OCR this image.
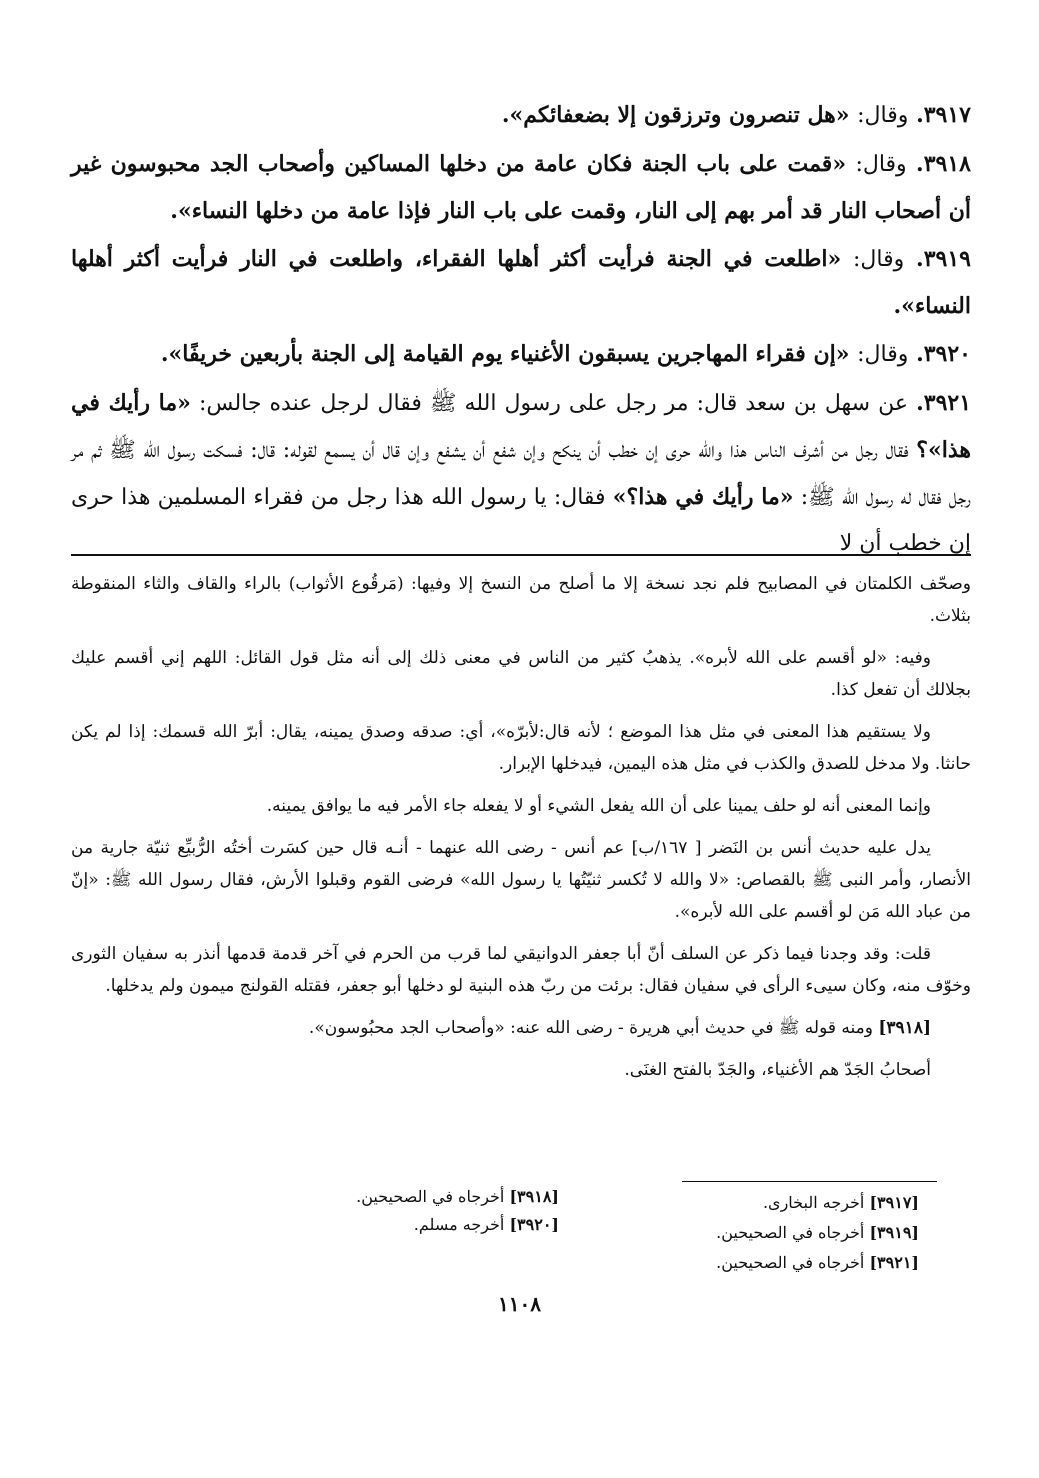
٣٩١٧. وقال: «هل تنصرون وترزقون إلا بضعفائكم».

٣٩١٨. وقال: «قمت على باب الجنة فكان عامة من دخلها المساكين وأصحاب الجد محبوسون غير أن أصحاب النار قد أمر بهم إلى النار، وقمت على باب النار فإذا عامة من دخلها النساء».

٣٩١٩. وقال: «اطلعت في الجنة فرأيت أكثر أهلها الفقراء، واطلعت في النار فرأيت أكثر أهلها النساء».

٣٩٢٠. وقال: «إن فقراء المهاجرين يسبقون الأغنياء يوم القيامة إلى الجنة بأربعين خريفًا».

٣٩٢١. عن سهل بن سعد قال: مر رجل على رسول الله ﷺ فقال لرجل عنده جالس: «ما رأيك في هذا»؟ فقال رجل من أشرف الناس هذا والله حرى إن خطب أن ينكح وإن شفع أن يشفع وإن قال أن يسمع لقوله: قال: فسكت رسول الله ﷺ ثم مر رجل فقال له رسول الله ﷺ: «ما رأيك في هذا؟» فقال: يا رسول الله هذا رجل من فقراء المسلمين هذا حرى إن خطب أن لا

وصحّف الكلمتان في المصابيح فلم نجد نسخة إلا ما أصلح من النسخ إلا وفيها: (مَرقُوع الأثواب) بالراء والقاف والثاء المنقوطة بثلاث.

وفيه: «لو أقسم على الله لأبره». يذهبُ كثير من الناس في معنى ذلك إلى أنه مثل قول القائل: اللهم إني أقسم عليك بجلالك أن تفعل كذا.

ولا يستقيم هذا المعنى في مثل هذا الموضع ؛ لأنه قال:لأبرّه»، أي: صدقه وصدق يمينه، يقال: أبرّ الله قسمك: إذا لم يكن حانثا. ولا مدخل للصدق والكذب في مثل هذه اليمين، فيدخلها الإبرار.

وإنما المعنى أنه لو حلف يمينا على أن الله يفعل الشيء أو لا يفعله جاء الأمر فيه ما يوافق يمينه.

يدل عليه حديث أنس بن النَضر [ ١٦٧/ب] عم أنس - رضى الله عنهما - أنـه قال حين كسَرت أختُه الرُّبيِّع ثنيّة جارية من الأنصار، وأمر النبى ﷺ بالقصاص: «لا والله لا تُكسر ثنيّتُها يا رسول الله» فرضى القوم وقبلوا الأرش، فقال رسول الله ﷺ: «إنّ من عباد الله مَن لو أقسم على الله لأبره».

قلت: وقد وجدنا فيما ذكر عن السلف أنّ أبا جعفر الدوانيقي لما قرب من الحرم في آخر قدمة قدمها أنذر به سفيان الثورى وخوّف منه، وكان سيىء الرأى في سفيان فقال: برئت من ربّ هذه البنية لو دخلها أبو جعفر، فقتله القولنج ميمون ولم يدخلها.

[٣٩١٨] ومنه قوله ﷺ في حديث أبي هريرة - رضى الله عنه: «وأصحاب الجد محبُوسون».

أصحابُ الجَدّ هم الأغنياء، والجَدّ بالفتح الغنَى.

[٣٩١٧] أخرجه البخارى.
[٣٩١٩] أخرجاه في الصحيحين.
[٣٩٢١] أخرجاه في الصحيحين.
[٣٩١٨] أخرجاه في الصحيحين.
[٣٩٢٠] أخرجه مسلم.
١١٠٨
